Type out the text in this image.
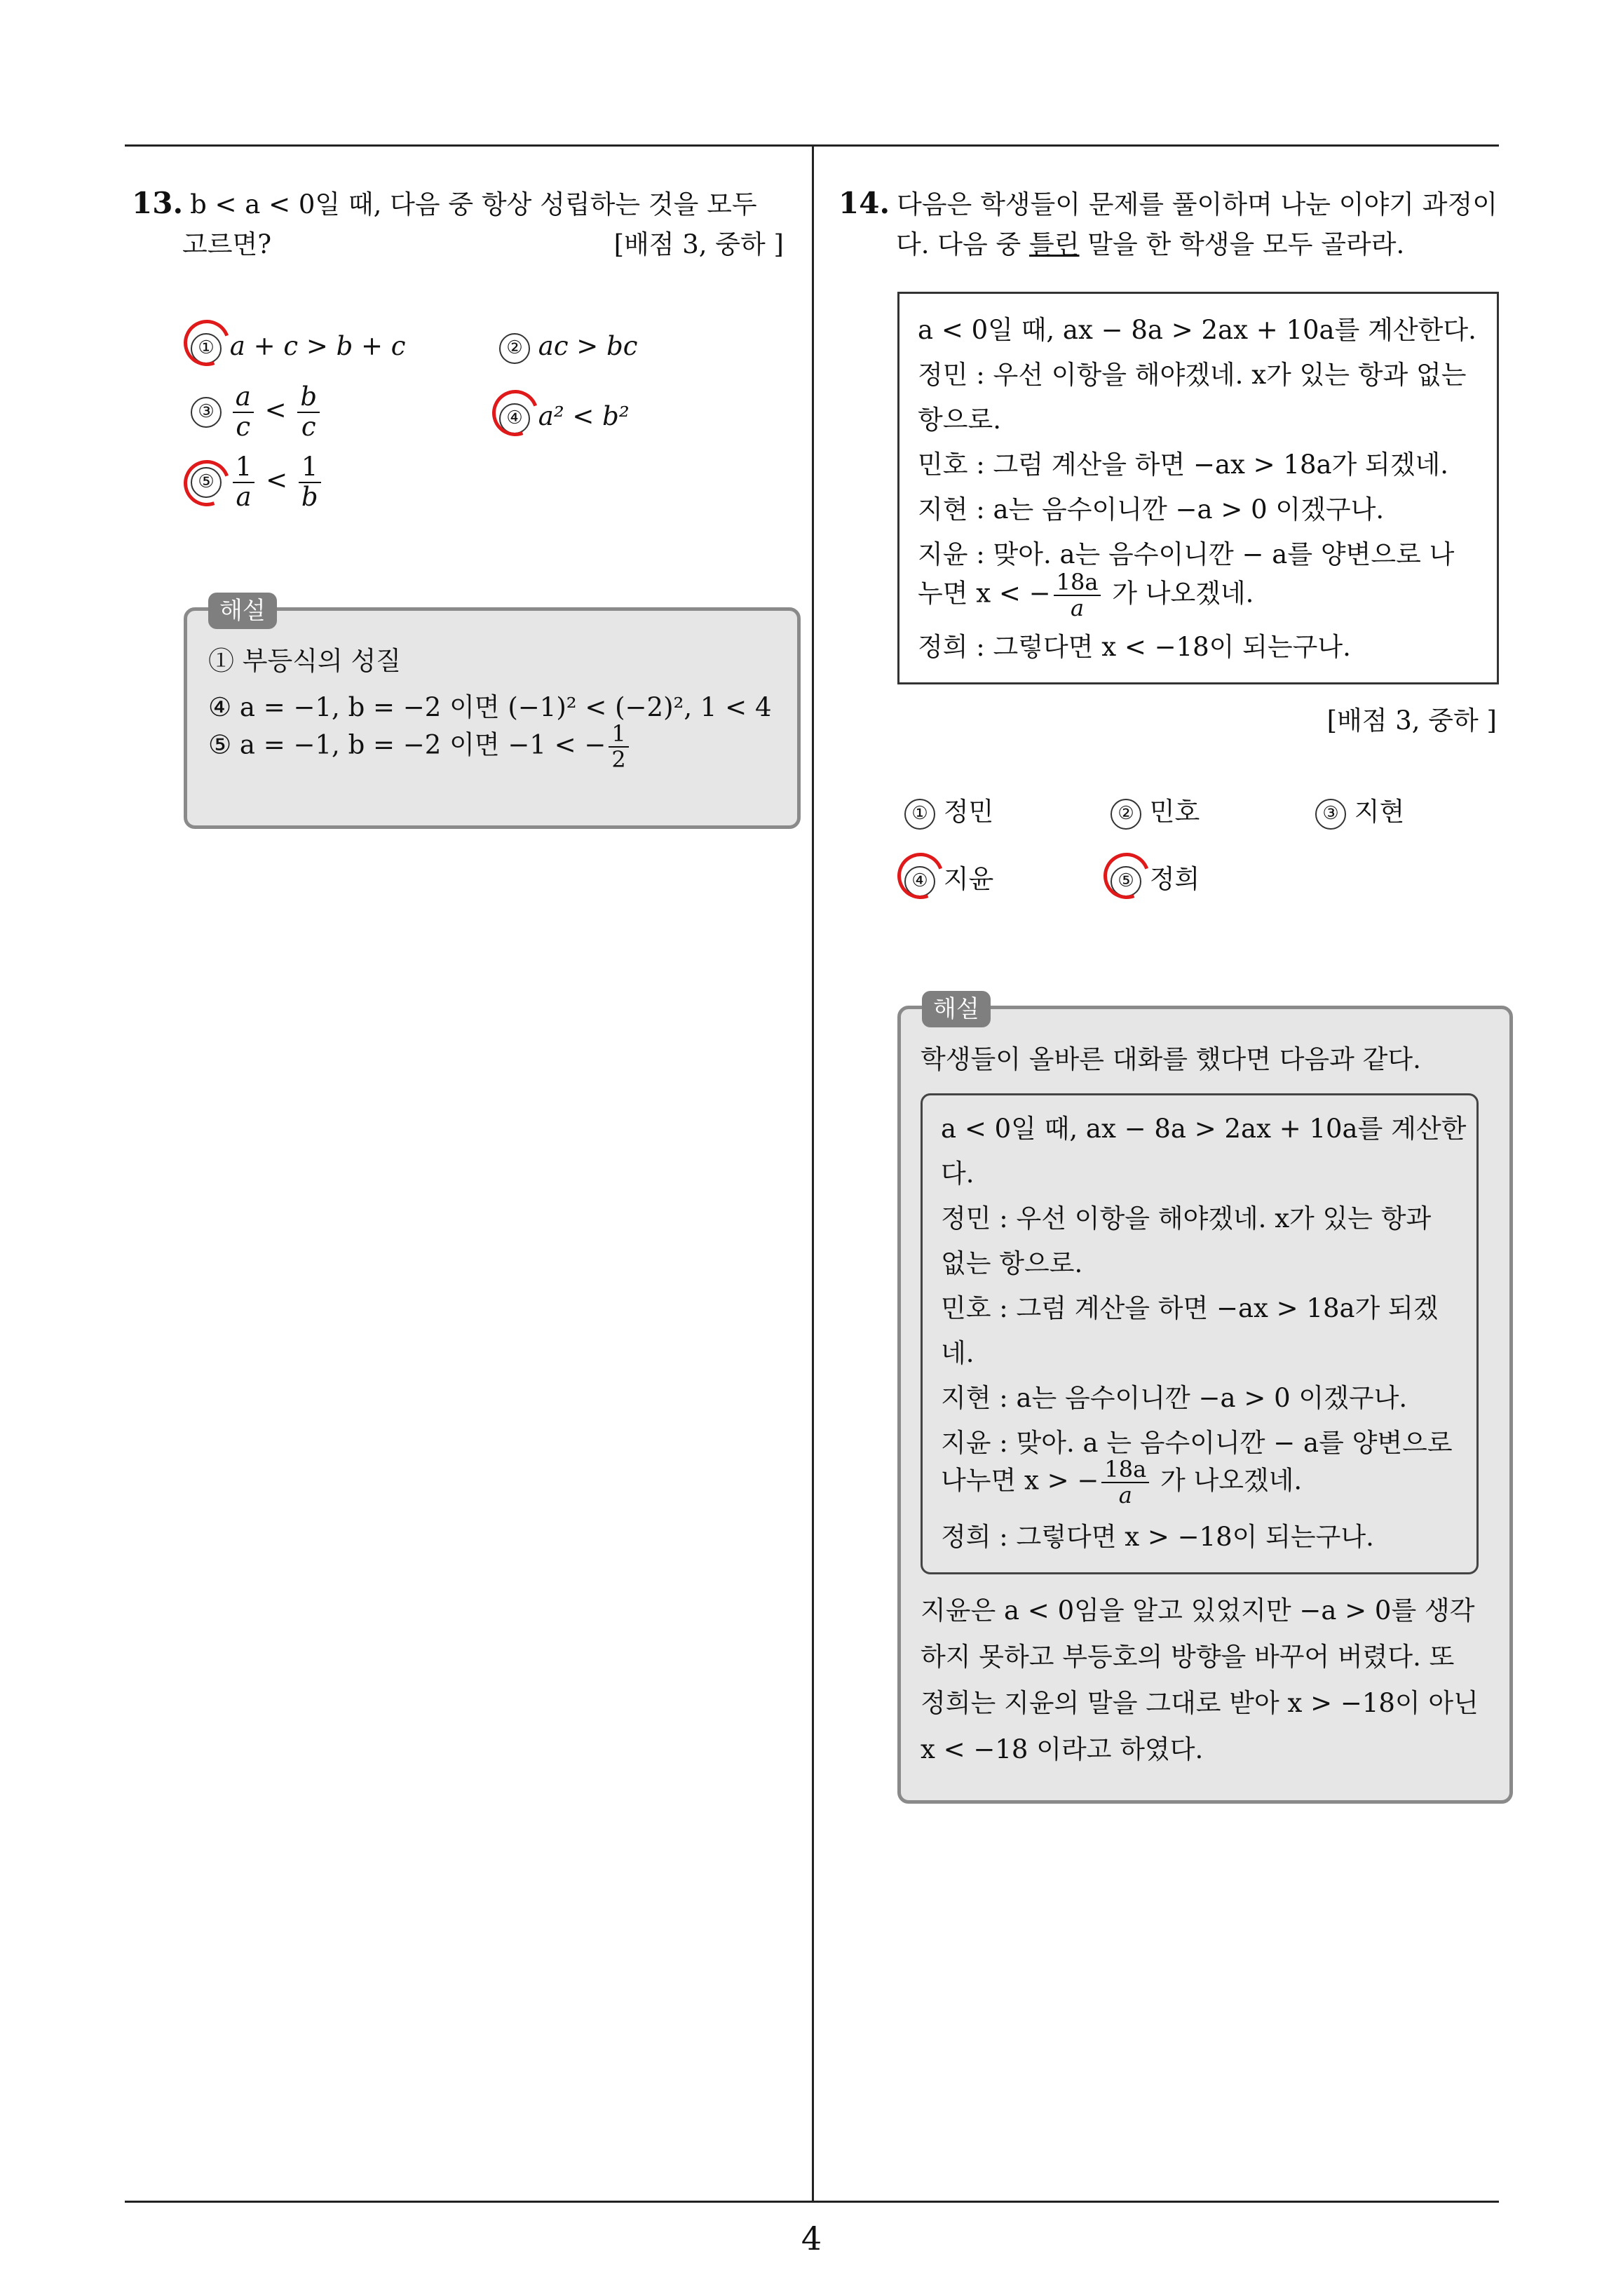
4
13. b < a < 0일 때, 다음 중 항상 성립하는 것을 모두
고르면?	[배점 3, 중하 ]
① a + c > b + c	② ac > bc
③ $\frac{a}{c} < \frac{b}{c}$	④ a² < b²
⑤ $\frac{1}{a} < \frac{1}{b}$
해설
① 부등식의 성질
④ a = −1, b = −2 이면 (−1)² < (−2)², 1 < 4
⑤ a = −1, b = −2 이면 −1 < − $\frac{1}{2}$
14. 다음은 학생들이 문제를 풀이하며 나눈 이야기 과정이
다. 다음 중 틀린 말을 한 학생을 모두 골라라.
a < 0일 때, ax − 8a > 2ax + 10a를 계산한다.
정민 : 우선 이항을 해야겠네. x가 있는 항과 없는
항으로.
민호 : 그럼 계산을 하면 −ax > 18a가 되겠네.
지현 : a는 음수이니깐 −a > 0 이겠구나.
지윤 : 맞아. a는 음수이니깐 − a를 양변으로 나
누면 x < − $\frac{18a}{a}$ 가 나오겠네.
정희 : 그렇다면 x < −18이 되는구나.
[배점 3, 중하 ]
① 정민	② 민호	③ 지현
④ 지윤	⑤ 정희
해설
학생들이 올바른 대화를 했다면 다음과 같다.
a < 0일 때, ax − 8a > 2ax + 10a를 계산한
다.
정민 : 우선 이항을 해야겠네. x가 있는 항과
없는 항으로.
민호 : 그럼 계산을 하면 −ax > 18a가 되겠
네.
지현 : a는 음수이니깐 −a > 0 이겠구나.
지윤 : 맞아. a 는 음수이니깐 − a를 양변으로
나누면 x > − $\frac{18a}{a}$ 가 나오겠네.
정희 : 그렇다면 x > −18이 되는구나.
지윤은 a < 0임을 알고 있었지만 −a > 0를 생각
하지 못하고 부등호의 방향을 바꾸어 버렸다. 또
정희는 지윤의 말을 그대로 받아 x > −18이 아닌
x < −18 이라고 하였다.
